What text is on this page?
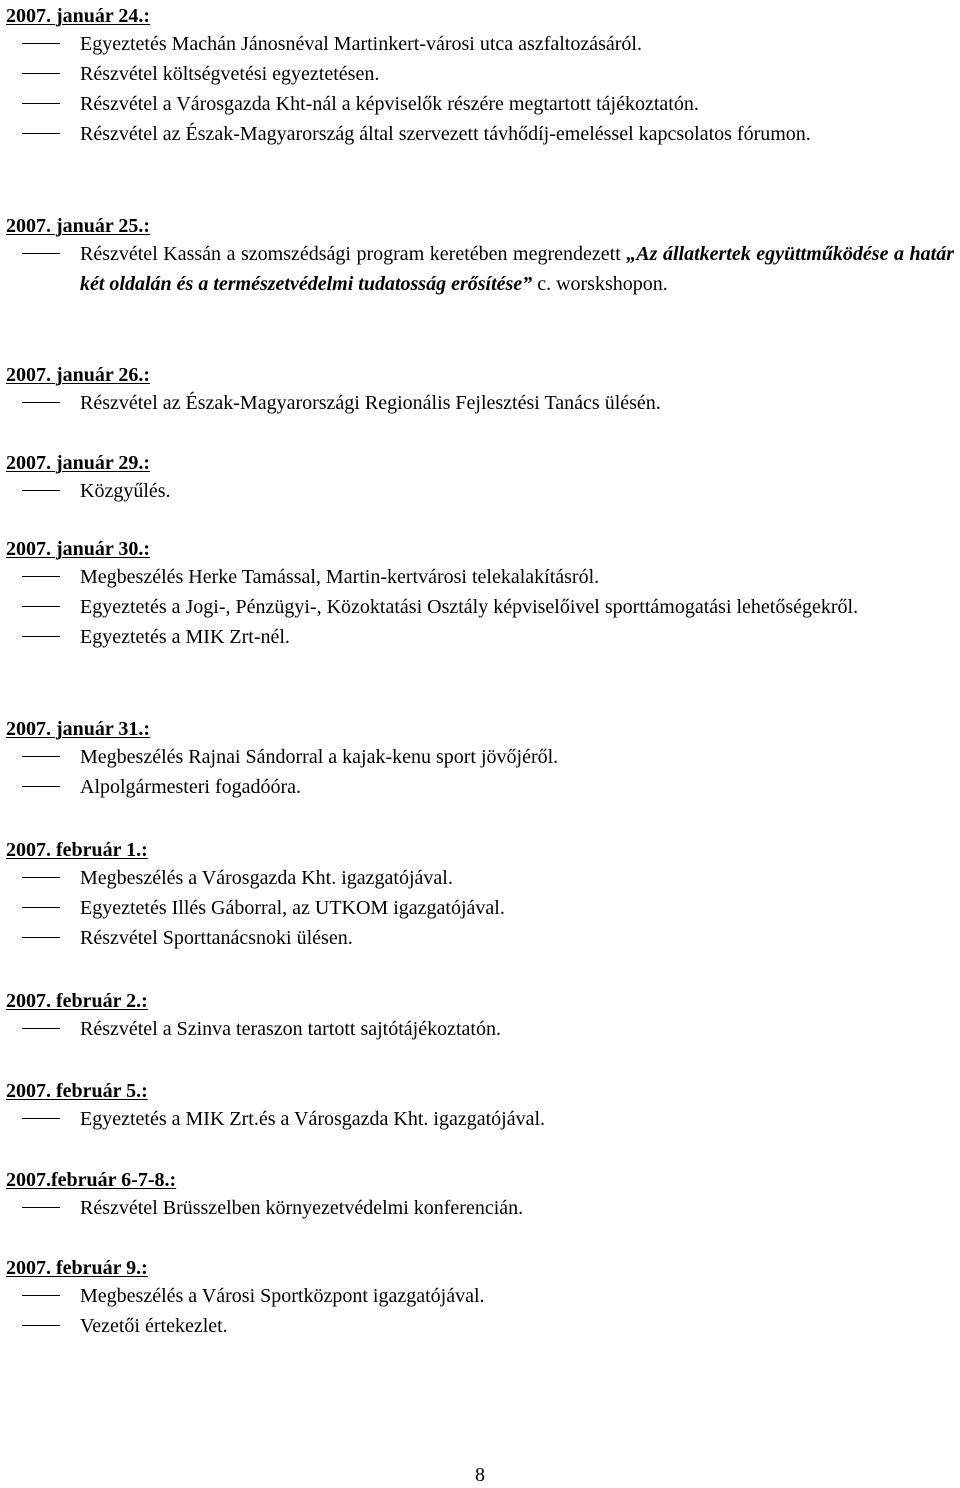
2007. január 24.:
Egyeztetés Machán Jánosnéval Martinkert-városi utca aszfaltozásáról.
Részvétel költségvetési egyeztetésen.
Részvétel a Városgazda Kht-nál a képviselők részére megtartott tájékoztatón.
Részvétel az Észak-Magyarország által szervezett távhődíj-emeléssel kapcsolatos fórumon.
2007. január 25.:
Részvétel Kassán a szomszédsági program keretében megrendezett „Az állatkertek együttműködése a határ két oldalán és a természetvédelmi tudatosság erősítése” c. worskshopon.
2007. január 26.:
Részvétel az Észak-Magyarországi Regionális Fejlesztési Tanács ülésén.
2007. január 29.:
Közgyűlés.
2007. január 30.:
Megbeszélés Herke Tamással, Martin-kertvárosi telekalakításról.
Egyeztetés a Jogi-, Pénzügyi-, Közoktatási Osztály képviselőivel sporttámogatási lehetőségekről.
Egyeztetés a MIK Zrt-nél.
2007. január 31.:
Megbeszélés Rajnai Sándorral a kajak-kenu sport jövőjéről.
Alpolgármesteri fogadóóra.
2007. február 1.:
Megbeszélés a Városgazda Kht. igazgatójával.
Egyeztetés Illés Gáborral, az UTKOM igazgatójával.
Részvétel Sporttanácsnoki ülésen.
2007. február 2.:
Részvétel a Szinva teraszon tartott sajtótájékoztatón.
2007. február 5.:
Egyeztetés a MIK Zrt.és a Városgazda Kht. igazgatójával.
2007.február 6-7-8.:
Részvétel Brüsszelben környezetvédelmi konferencián.
2007. február 9.:
Megbeszélés a Városi Sportközpont igazgatójával.
Vezetői értekezlet.
8
